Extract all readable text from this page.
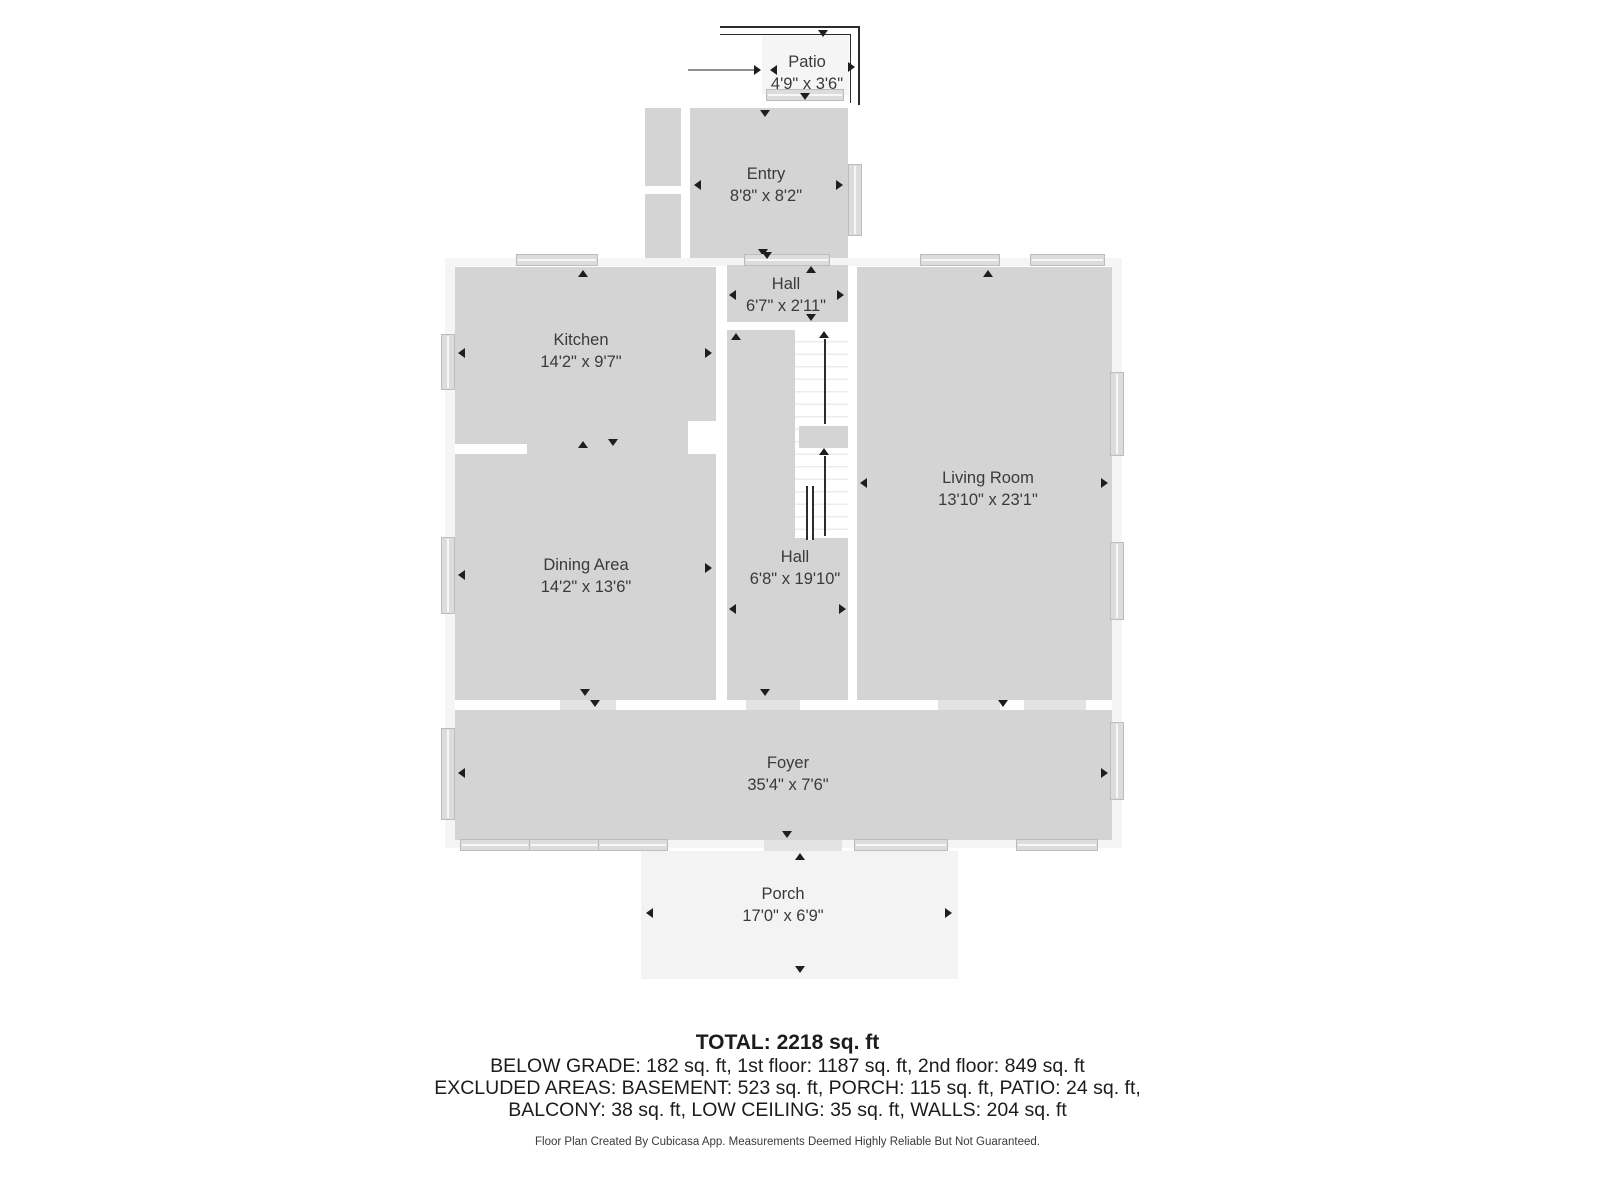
Patio
4'9" x 3'6"
Entry
8'8" x 8'2"
Kitchen
14'2" x 9'7"
Hall
6'7" x 2'11"
Living Room
13'10" x 23'1"
Dining Area
14'2" x 13'6"
Hall
6'8" x 19'10"
Foyer
35'4" x 7'6"
Porch
17'0" x 6'9"
TOTAL: 2218 sq. ft
BELOW GRADE: 182 sq. ft, 1st floor: 1187 sq. ft, 2nd floor: 849 sq. ft
EXCLUDED AREAS: BASEMENT: 523 sq. ft, PORCH: 115 sq. ft, PATIO: 24 sq. ft,
BALCONY: 38 sq. ft, LOW CEILING: 35 sq. ft, WALLS: 204 sq. ft
Floor Plan Created By Cubicasa App. Measurements Deemed Highly Reliable But Not Guaranteed.
